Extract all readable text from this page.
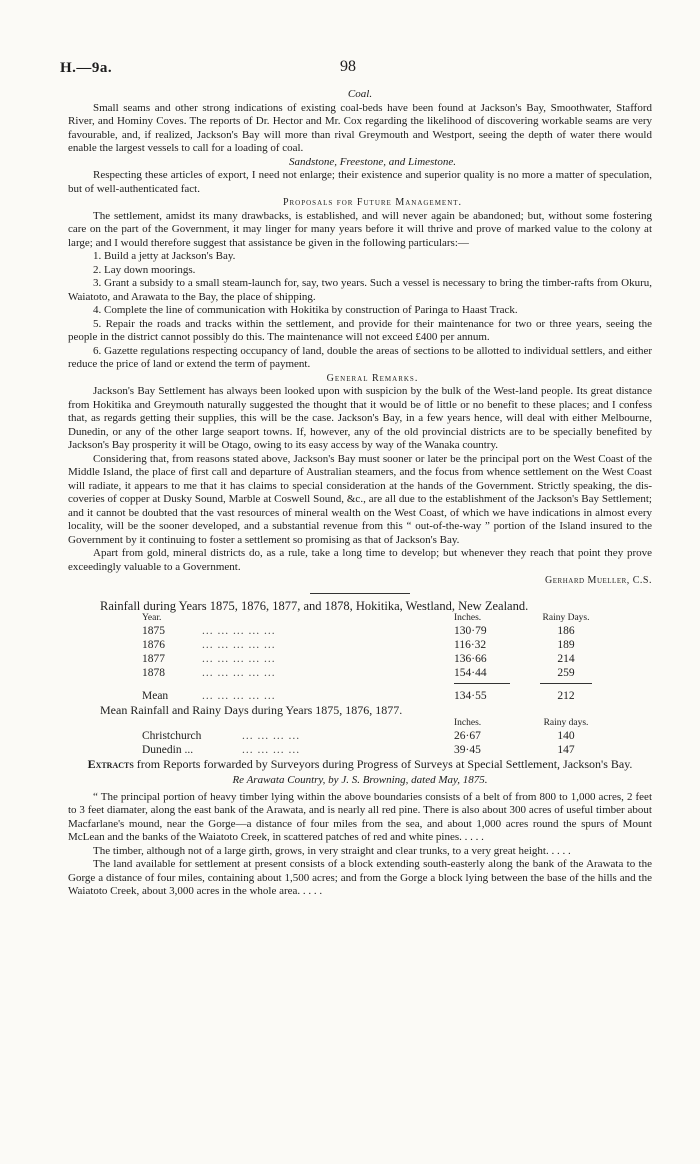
H.—9a.	98

Coal.

Small seams and other strong indications of existing coal-beds have been found at Jackson's Bay, Smoothwater, Stafford River, and Hominy Coves. The reports of Dr. Hector and Mr. Cox regarding the likelihood of discovering workable seams are very favourable, and, if realized, Jackson's Bay will more than rival Greymouth and Westport, seeing the depth of water there would enable the largest vessels to call for a loading of coal.

Sandstone, Freestone, and Limestone.

Respecting these articles of export, I need not enlarge; their existence and superior quality is no more a matter of speculation, but of well-authenticated fact.

Proposals for Future Management.

The settlement, amidst its many drawbacks, is established, and will never again be abandoned; but, without some fostering care on the part of the Government, it may linger for many years before it will thrive and prove of marked value to the colony at large; and I would therefore suggest that assistance be given in the following particulars:—

1. Build a jetty at Jackson's Bay.

2. Lay down moorings.

3. Grant a subsidy to a small steam-launch for, say, two years. Such a vessel is necessary to bring the timber-rafts from Okuru, Waiatoto, and Arawata to the Bay, the place of shipping.

4. Complete the line of communication with Hokitika by construction of Paringa to Haast Track.

5. Repair the roads and tracks within the settlement, and provide for their maintenance for two or three years, seeing the people in the district cannot possibly do this. The maintenance will not exceed £400 per annum.

6. Gazette regulations respecting occupancy of land, double the areas of sections to be allotted to individual settlers, and either reduce the price of land or extend the term of payment.

General Remarks.

Jackson's Bay Settlement has always been looked upon with suspicion by the bulk of the West-land people. Its great distance from Hokitika and Greymouth naturally suggested the thought that it would be of little or no benefit to these places; and I confess that, as regards getting their supplies, this will be the case. Jackson's Bay, in a few years hence, will deal with either Melbourne, Dunedin, or any of the other large seaport towns. If, however, any of the old provincial districts are to be specially benefited by Jackson's Bay prosperity it will be Otago, owing to its easy access by way of the Wanaka country.

Considering that, from reasons stated above, Jackson's Bay must sooner or later be the principal port on the West Coast of the Middle Island, the place of first call and departure of Australian steamers, and the focus from whence settlement on the West Coast will radiate, it appears to me that it has claims to special consideration at the hands of the Government. Strictly speaking, the dis-coveries of copper at Dusky Sound, Marble at Coswell Sound, &c., are all due to the establishment of the Jackson's Bay Settlement; and it cannot be doubted that the vast resources of mineral wealth on the West Coast, of which we have indications in almost every locality, will be the sooner developed, and a substantial revenue from this “ out-of-the-way ” portion of the Island insured to the Government by it continuing to foster a settlement so promising as that of Jackson's Bay.

Apart from gold, mineral districts do, as a rule, take a long time to develop; but whenever they reach that point they prove exceedingly valuable to a Government.

Gerhard Mueller, C.S.

Rainfall during Years 1875, 1876, 1877, and 1878, Hokitika, Westland, New Zealand.

Year.	Inches.	Rainy Days.
1875	... ... ... ... ...	130·79	186
1876	... ... ... ... ...	116·32	189
1877	... ... ... ... ...	136·66	214
1878	... ... ... ... ...	154·44	259
Mean	... ... ... ... ...	134·55	212

Mean Rainfall and Rainy Days during Years 1875, 1876, 1877.

Inches.	Rainy days.
Christchurch	... ... ... ...	26·67	140
Dunedin ...	... ... ... ...	39·45	147

Extracts from Reports forwarded by Surveyors during Progress of Surveys at Special Settlement, Jackson's Bay.

Re Arawata Country, by J. S. Browning, dated May, 1875.

“ The principal portion of heavy timber lying within the above boundaries consists of a belt of from 800 to 1,000 acres, 2 feet to 3 feet diamater, along the east bank of the Arawata, and is nearly all red pine. There is also about 300 acres of useful timber about Macfarlane's mound, near the Gorge—a distance of four miles from the sea, and about 1,000 acres round the spurs of Mount McLean and the banks of the Waiatoto Creek, in scattered patches of red and white pines. . . . .

The timber, although not of a large girth, grows, in very straight and clear trunks, to a very great height. . . . .

The land available for settlement at present consists of a block extending south-easterly along the bank of the Arawata to the Gorge a distance of four miles, containing about 1,500 acres; and from the Gorge a block lying between the base of the hills and the Waiatoto Creek, about 3,000 acres in the whole area. . . . .
